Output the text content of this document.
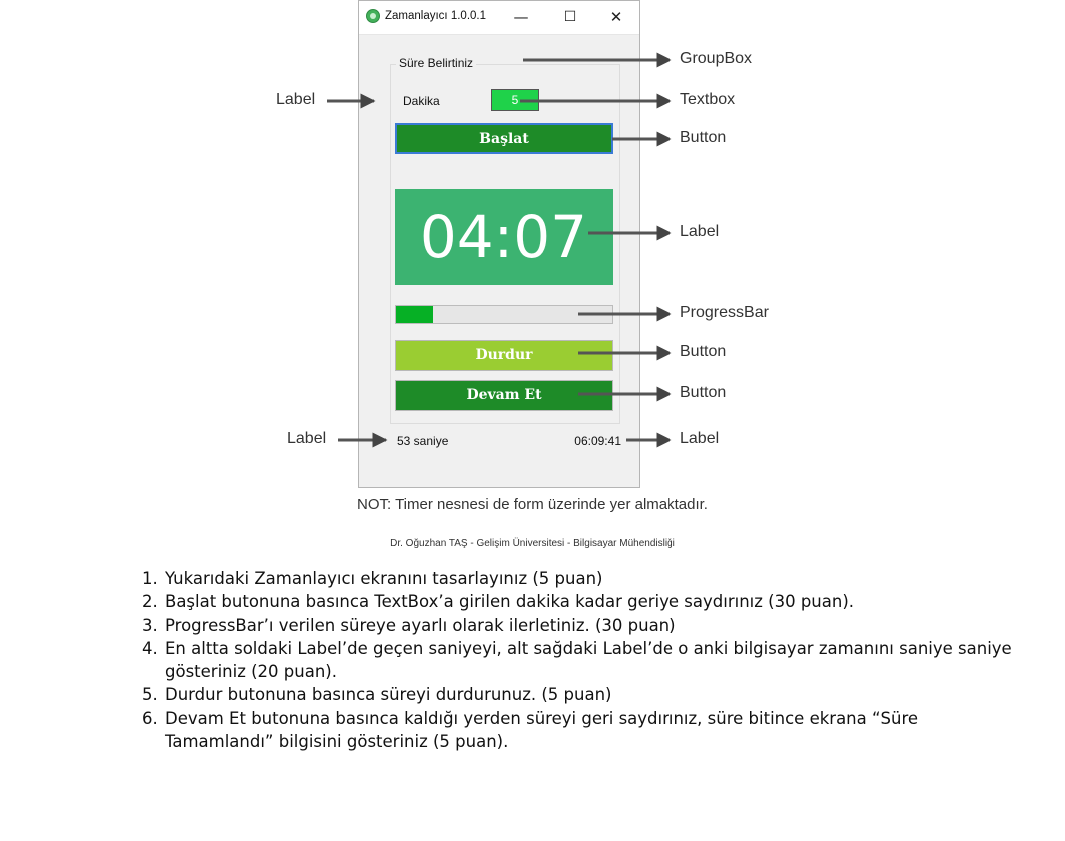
Zamanlayıcı 1.0.0.1	—	☐	✕
Süre Belirtiniz
Dakika
5
Başlat
04:07
Durdur
Devam Et
53 saniye	06:09:41
GroupBox
Textbox
Button
Label
ProgressBar
Button
Button
Label
Label	Label
NOT: Timer nesnesi de form üzerinde yer almaktadır.
Dr. Oğuzhan TAŞ - Gelişim Üniversitesi - Bilgisayar Mühendisliği
1. Yukarıdaki Zamanlayıcı ekranını tasarlayınız (5 puan)
2. Başlat butonuna basınca TextBox’a girilen dakika kadar geriye saydırınız (30 puan).
3. ProgressBar’ı verilen süreye ayarlı olarak ilerletiniz. (30 puan)
4. En altta soldaki Label’de geçen saniyeyi, alt sağdaki Label’de o anki bilgisayar zamanını saniye saniye gösteriniz (20 puan).
5. Durdur butonuna basınca süreyi durdurunuz. (5 puan)
6. Devam Et butonuna basınca kaldığı yerden süreyi geri saydırınız, süre bitince ekrana “Süre Tamamlandı” bilgisini gösteriniz (5 puan).
